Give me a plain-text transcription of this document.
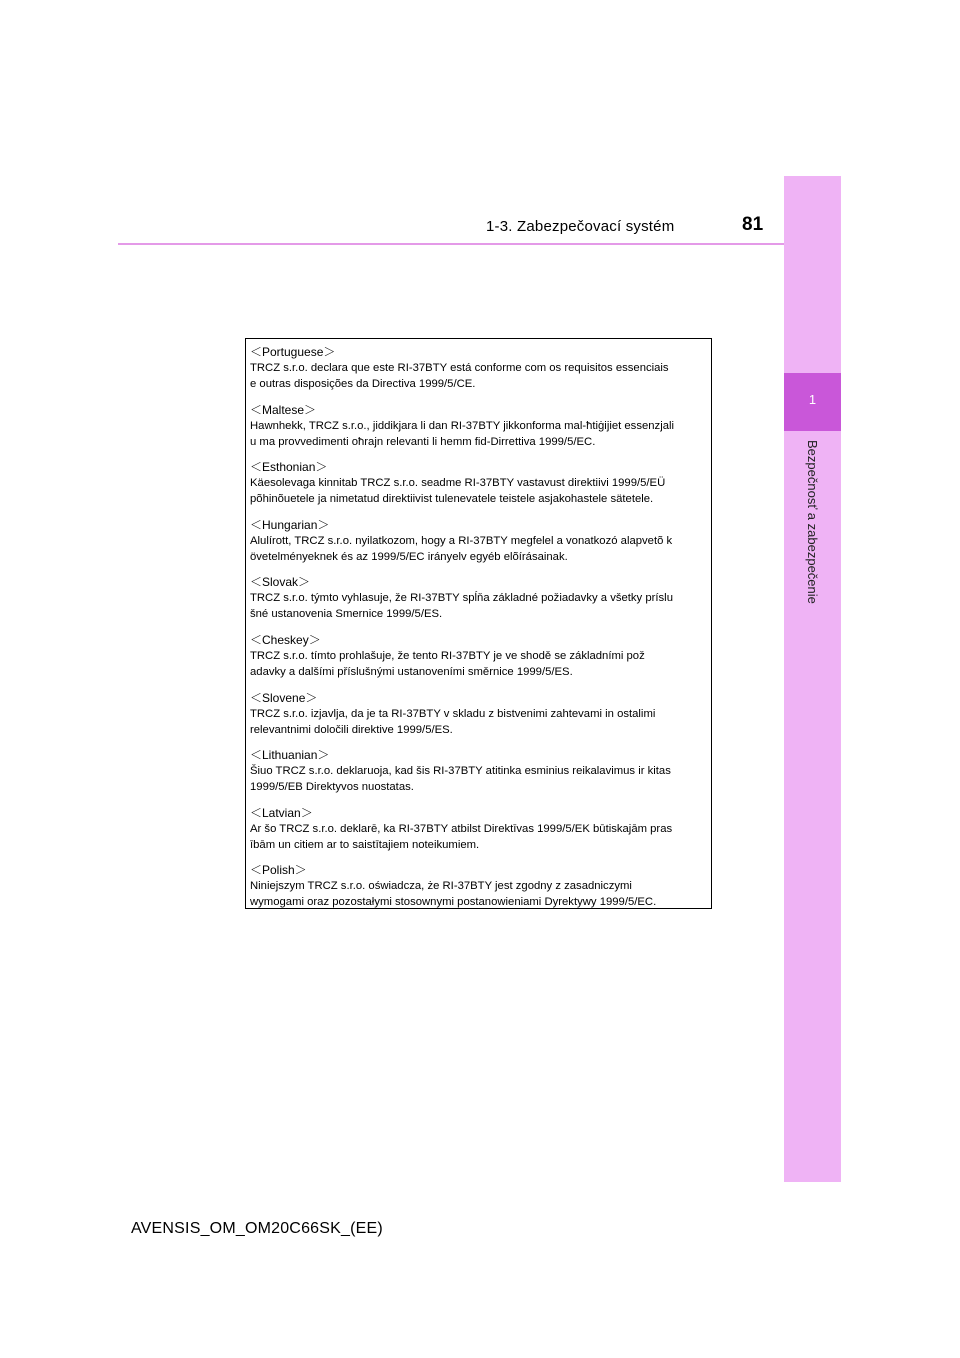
1-3. Zabezpečovací systém	81
1
Bezpečnosť a zabezpečenie
＜Portuguese＞
TRCZ s.r.o. declara que este RI-37BTY está conforme com os requisitos essenciais
e outras disposições da Directiva 1999/5/CE.
＜Maltese＞
Hawnhekk, TRCZ s.r.o., jiddikjara li dan RI-37BTY jikkonforma mal-ħtiġijiet essenzjali
u ma provvedimenti oħrajn relevanti li hemm fid-Dirrettiva 1999/5/EC.
＜Esthonian＞
Käesolevaga kinnitab TRCZ s.r.o. seadme RI-37BTY vastavust direktiivi 1999/5/EÜ
põhinõuetele ja nimetatud direktiivist tulenevatele teistele asjakohastele sätetele.
＜Hungarian＞
Alulírott, TRCZ s.r.o. nyilatkozom, hogy a RI-37BTY megfelel a vonatkozó alapvetõ k
övetelményeknek és az 1999/5/EC irányelv egyéb elõírásainak.
＜Slovak＞
TRCZ s.r.o. týmto vyhlasuje, že RI-37BTY spĺňa základné požiadavky a všetky príslu
šné ustanovenia Smernice 1999/5/ES.
＜Cheskey＞
TRCZ s.r.o. tímto prohlašuje, že tento RI-37BTY je ve shodě se základními pož
adavky a dalšími příslušnými ustanoveními směrnice 1999/5/ES.
＜Slovene＞
TRCZ s.r.o. izjavlja, da je ta RI-37BTY v skladu z bistvenimi zahtevami in ostalimi
relevantnimi določili direktive 1999/5/ES.
＜Lithuanian＞
Šiuo TRCZ s.r.o. deklaruoja, kad šis RI-37BTY atitinka esminius reikalavimus ir kitas
1999/5/EB Direktyvos nuostatas.
＜Latvian＞
Ar šo TRCZ s.r.o. deklarē, ka RI-37BTY atbilst Direktīvas 1999/5/EK būtiskajām pras
ībām un citiem ar to saistītajiem noteikumiem.
＜Polish＞
Niniejszym TRCZ s.r.o. oświadcza, że RI-37BTY jest zgodny z zasadniczymi
wymogami oraz pozostałymi stosownymi postanowieniami Dyrektywy 1999/5/EC.
AVENSIS_OM_OM20C66SK_(EE)
